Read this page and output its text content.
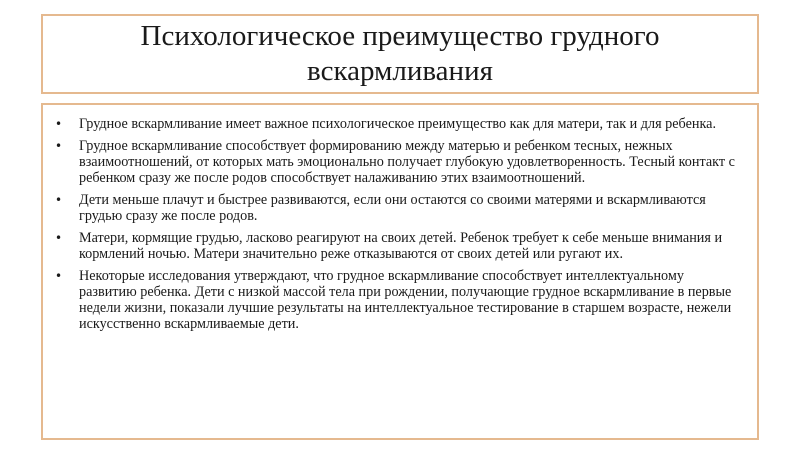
Психологическое преимущество грудного вскармливания
•	Грудное вскармливание имеет важное психологическое преимущество как для матери, так и для ребенка.
•	Грудное вскармливание способствует формированию между матерью и ребенком тесных, нежных взаимоотношений, от которых мать эмоционально получает глубокую удовлетворенность. Тесный контакт с ребенком сразу же после родов способствует налаживанию этих взаимоотношений.
•	Дети меньше плачут и быстрее развиваются, если они остаются со своими матерями и вскармливаются грудью сразу же после родов.
•	Матери, кормящие грудью, ласково реагируют на своих детей. Ребенок требует к себе меньше внимания и кормлений ночью. Матери значительно реже отказываются от своих детей или ругают их.
•	Некоторые исследования утверждают, что грудное вскармливание способствует интеллектуальному развитию ребенка. Дети с низкой массой тела при рождении, получающие грудное вскармливание в первые недели жизни, показали лучшие результаты на интеллектуальное тестирование в старшем возрасте, нежели искусственно вскармливаемые дети.
